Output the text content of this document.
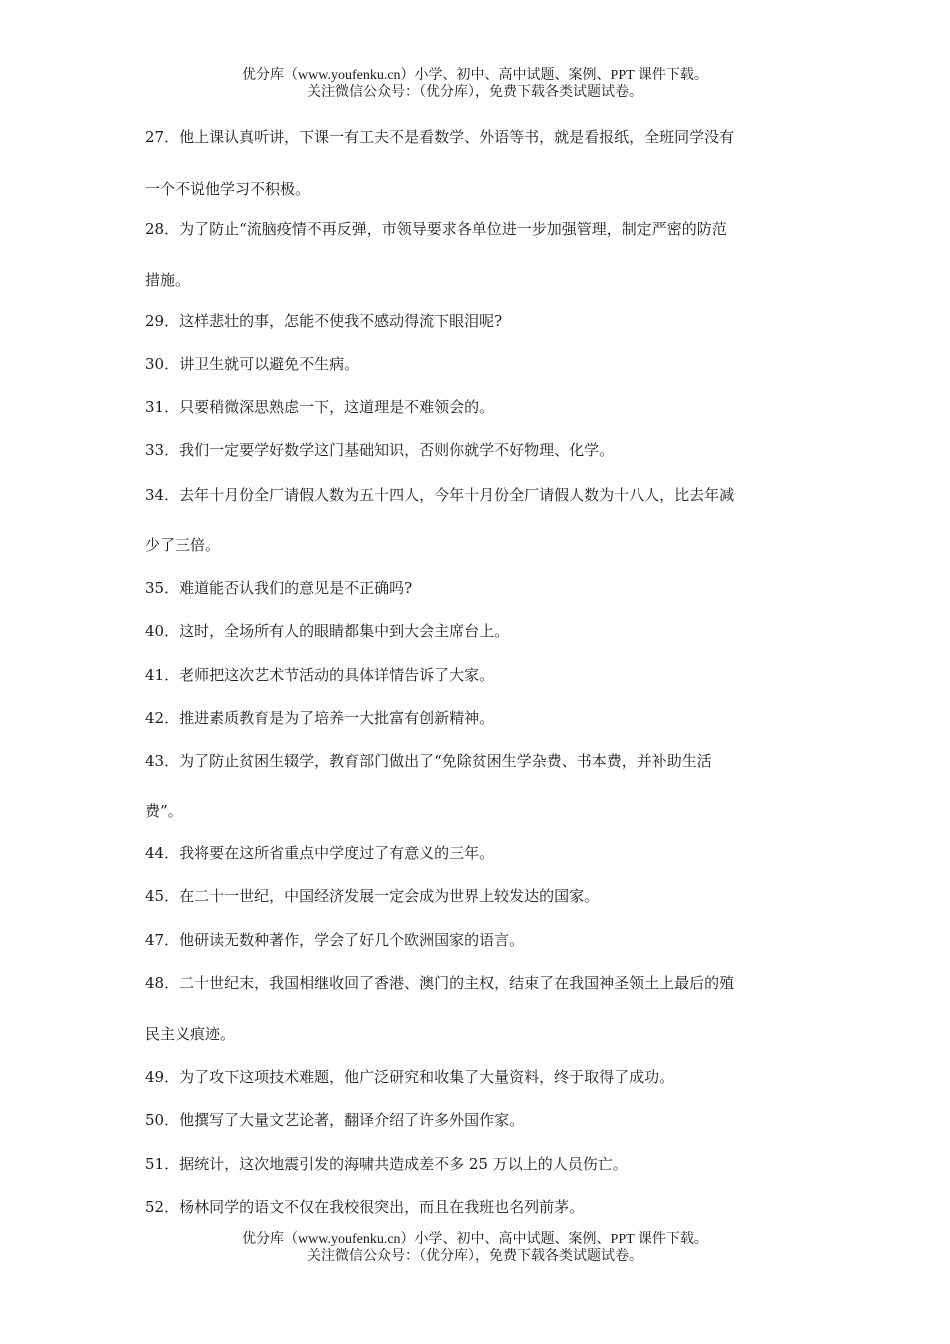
优分库（www.youfenku.cn）小学、初中、高中试题、案例、PPT 课件下载。
关注微信公众号：（优分库），免费下载各类试题试卷。
27．他上课认真听讲，下课一有工夫不是看数学、外语等书，就是看报纸，全班同学没有
一个不说他学习不积极。
28．为了防止“流脑疫情不再反弹，市领导要求各单位进一步加强管理，制定严密的防范
措施。
29．这样悲壮的事，怎能不使我不感动得流下眼泪呢?
30．讲卫生就可以避免不生病。
31．只要稍微深思熟虑一下，这道理是不难领会的。
33．我们一定要学好数学这门基础知识，否则你就学不好物理、化学。
34．去年十月份全厂请假人数为五十四人，今年十月份全厂请假人数为十八人，比去年减
少了三倍。
35．难道能否认我们的意见是不正确吗?
40．这时，全场所有人的眼睛都集中到大会主席台上。
41．老师把这次艺术节活动的具体详情告诉了大家。
42．推进素质教育是为了培养一大批富有创新精神。
43．为了防止贫困生辍学，教育部门做出了“免除贫困生学杂费、书本费，并补助生活
费”。
44．我将要在这所省重点中学度过了有意义的三年。
45．在二十一世纪，中国经济发展一定会成为世界上较发达的国家。
47．他研读无数种著作，学会了好几个欧洲国家的语言。
48．二十世纪末，我国相继收回了香港、澳门的主权，结束了在我国神圣领土上最后的殖
民主义痕迹。
49．为了攻下这项技术难题，他广泛研究和收集了大量资料，终于取得了成功。
50．他撰写了大量文艺论著，翻译介绍了许多外国作家。
51．据统计，这次地震引发的海啸共造成差不多 25 万以上的人员伤亡。
52．杨林同学的语文不仅在我校很突出，而且在我班也名列前茅。
优分库（www.youfenku.cn）小学、初中、高中试题、案例、PPT 课件下载。
关注微信公众号：（优分库），免费下载各类试题试卷。
